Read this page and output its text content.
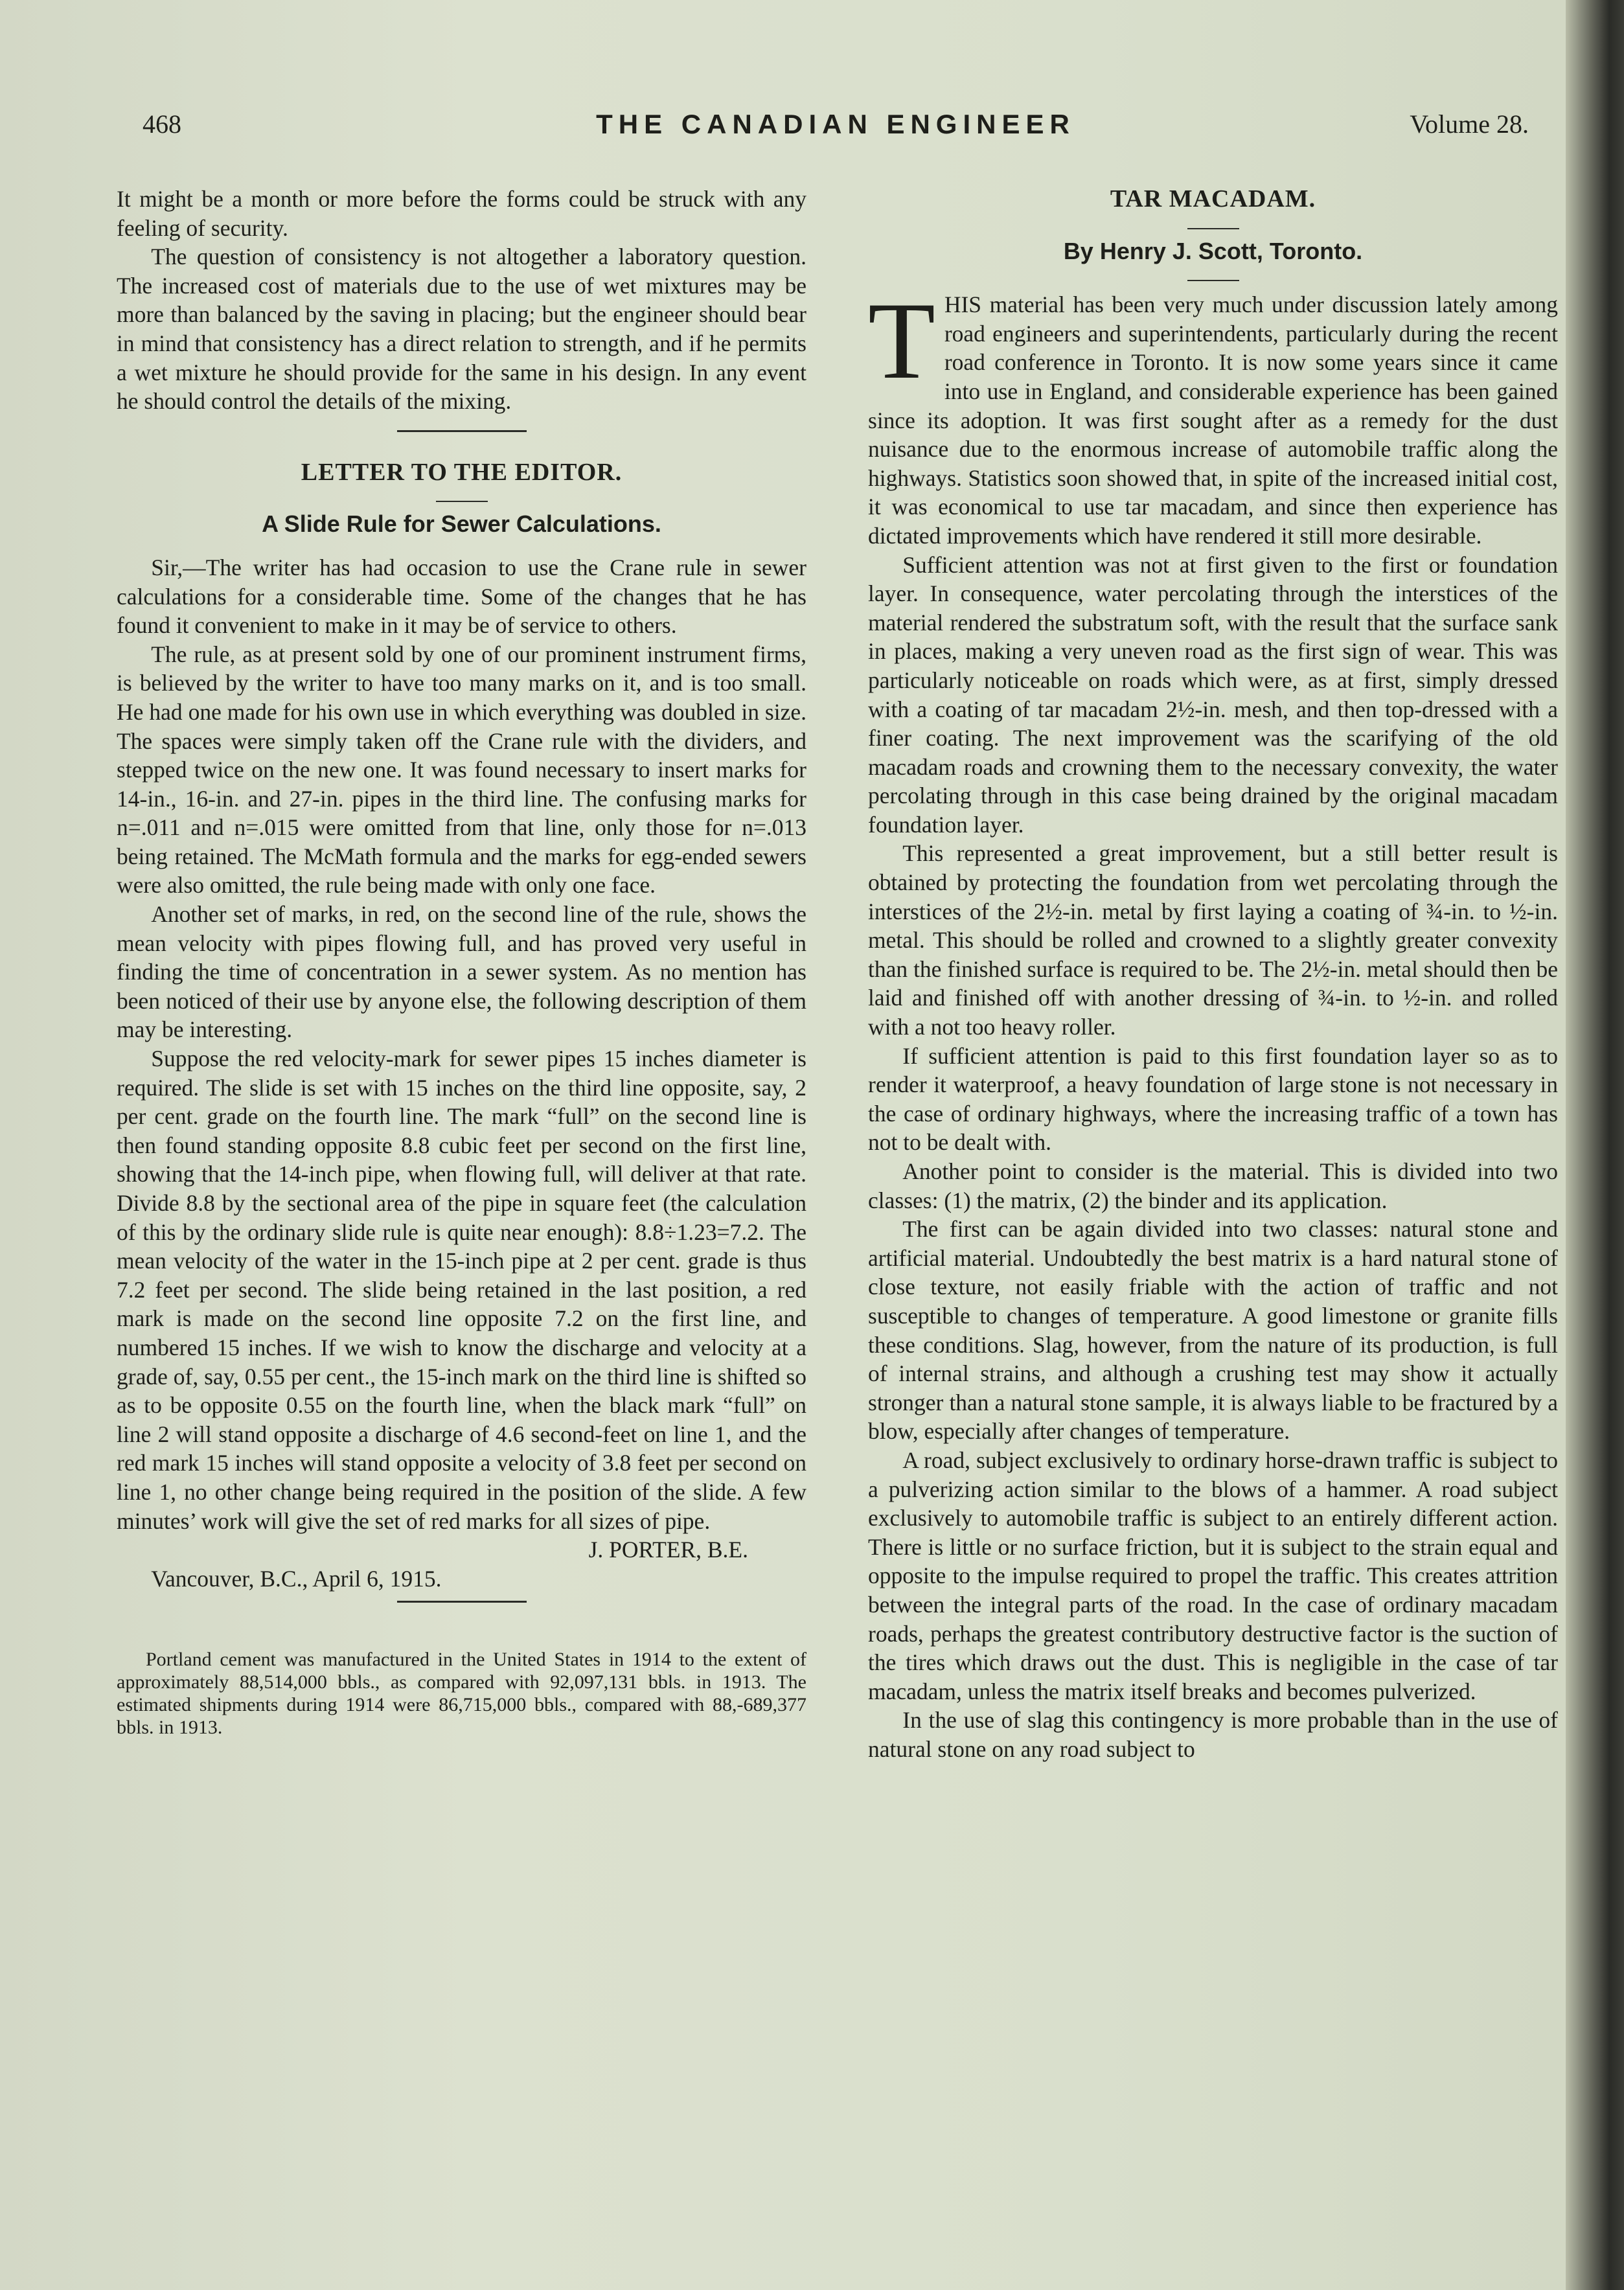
468	THE CANADIAN ENGINEER	Volume 28.

It might be a month or more before the forms could be struck with any feeling of security.

The question of consistency is not altogether a laboratory question. The increased cost of materials due to the use of wet mixtures may be more than balanced by the saving in placing; but the engineer should bear in mind that consistency has a direct relation to strength, and if he permits a wet mixture he should provide for the same in his design. In any event he should control the details of the mixing.

LETTER TO THE EDITOR.
A Slide Rule for Sewer Calculations.

Sir,—The writer has had occasion to use the Crane rule in sewer calculations for a considerable time. Some of the changes that he has found it convenient to make in it may be of service to others.

The rule, as at present sold by one of our prominent instrument firms, is believed by the writer to have too many marks on it, and is too small. He had one made for his own use in which everything was doubled in size. The spaces were simply taken off the Crane rule with the dividers, and stepped twice on the new one. It was found necessary to insert marks for 14-in., 16-in. and 27-in. pipes in the third line. The confusing marks for n=.011 and n=.015 were omitted from that line, only those for n=.013 being retained. The McMath formula and the marks for egg-ended sewers were also omitted, the rule being made with only one face.

Another set of marks, in red, on the second line of the rule, shows the mean velocity with pipes flowing full, and has proved very useful in finding the time of concentration in a sewer system. As no mention has been noticed of their use by anyone else, the following description of them may be interesting.

Suppose the red velocity-mark for sewer pipes 15 inches diameter is required. The slide is set with 15 inches on the third line opposite, say, 2 per cent. grade on the fourth line. The mark “full” on the second line is then found standing opposite 8.8 cubic feet per second on the first line, showing that the 14-inch pipe, when flowing full, will deliver at that rate. Divide 8.8 by the sectional area of the pipe in square feet (the calculation of this by the ordinary slide rule is quite near enough): 8.8÷1.23=7.2. The mean velocity of the water in the 15-inch pipe at 2 per cent. grade is thus 7.2 feet per second. The slide being retained in the last position, a red mark is made on the second line opposite 7.2 on the first line, and numbered 15 inches. If we wish to know the discharge and velocity at a grade of, say, 0.55 per cent., the 15-inch mark on the third line is shifted so as to be opposite 0.55 on the fourth line, when the black mark “full” on line 2 will stand opposite a discharge of 4.6 second-feet on line 1, and the red mark 15 inches will stand opposite a velocity of 3.8 feet per second on line 1, no other change being required in the position of the slide. A few minutes’ work will give the set of red marks for all sizes of pipe.

J. PORTER, B.E.

Vancouver, B.C., April 6, 1915.

Portland cement was manufactured in the United States in 1914 to the extent of approximately 88,514,000 bbls., as compared with 92,097,131 bbls. in 1913. The estimated shipments during 1914 were 86,715,000 bbls., compared with 88,-689,377 bbls. in 1913.

TAR MACADAM.
By Henry J. Scott, Toronto.

THIS material has been very much under discussion lately among road engineers and superintendents, particularly during the recent road conference in Toronto. It is now some years since it came into use in England, and considerable experience has been gained since its adoption. It was first sought after as a remedy for the dust nuisance due to the enormous increase of automobile traffic along the highways. Statistics soon showed that, in spite of the increased initial cost, it was economical to use tar macadam, and since then experience has dictated improvements which have rendered it still more desirable.

Sufficient attention was not at first given to the first or foundation layer. In consequence, water percolating through the interstices of the material rendered the substratum soft, with the result that the surface sank in places, making a very uneven road as the first sign of wear. This was particularly noticeable on roads which were, as at first, simply dressed with a coating of tar macadam 2½-in. mesh, and then top-dressed with a finer coating. The next improvement was the scarifying of the old macadam roads and crowning them to the necessary convexity, the water percolating through in this case being drained by the original macadam foundation layer.

This represented a great improvement, but a still better result is obtained by protecting the foundation from wet percolating through the interstices of the 2½-in. metal by first laying a coating of ¾-in. to ½-in. metal. This should be rolled and crowned to a slightly greater convexity than the finished surface is required to be. The 2½-in. metal should then be laid and finished off with another dressing of ¾-in. to ½-in. and rolled with a not too heavy roller.

If sufficient attention is paid to this first foundation layer so as to render it waterproof, a heavy foundation of large stone is not necessary in the case of ordinary highways, where the increasing traffic of a town has not to be dealt with.

Another point to consider is the material. This is divided into two classes: (1) the matrix, (2) the binder and its application.

The first can be again divided into two classes: natural stone and artificial material. Undoubtedly the best matrix is a hard natural stone of close texture, not easily friable with the action of traffic and not susceptible to changes of temperature. A good limestone or granite fills these conditions. Slag, however, from the nature of its production, is full of internal strains, and although a crushing test may show it actually stronger than a natural stone sample, it is always liable to be fractured by a blow, especially after changes of temperature.

A road, subject exclusively to ordinary horse-drawn traffic is subject to a pulverizing action similar to the blows of a hammer. A road subject exclusively to automobile traffic is subject to an entirely different action. There is little or no surface friction, but it is subject to the strain equal and opposite to the impulse required to propel the traffic. This creates attrition between the integral parts of the road. In the case of ordinary macadam roads, perhaps the greatest contributory destructive factor is the suction of the tires which draws out the dust. This is negligible in the case of tar macadam, unless the matrix itself breaks and becomes pulverized.

In the use of slag this contingency is more probable than in the use of natural stone on any road subject to
